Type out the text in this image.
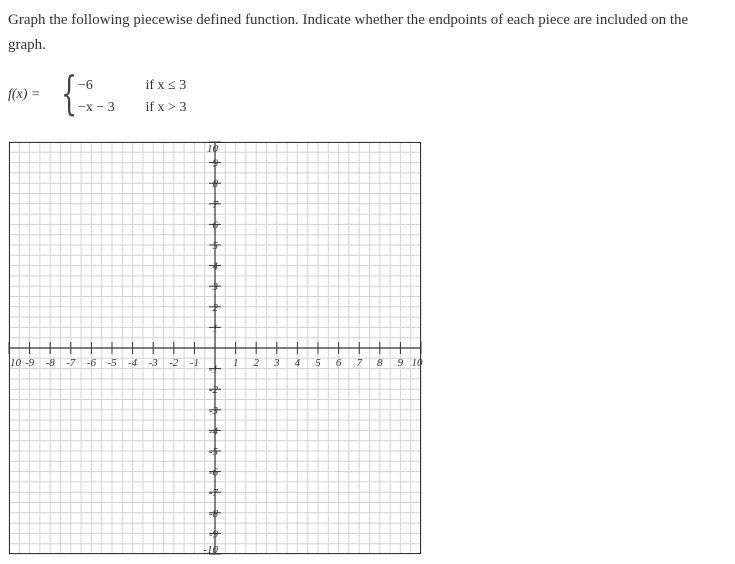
Graph the following piecewise defined function. Indicate whether the endpoints of each piece are included on the graph.

f(x) = { −6	if x ≤ 3
−x − 3 if x > 3
10 -9 -8 -7 -6 -5 -4 -3 -2 -1	1 2 3 4 5 6 7 8 9 10
10
9
8
7
6
5
4
3
2
1
-1
-2
-3
-4
-5
-6
-7
-8
-9
-10
